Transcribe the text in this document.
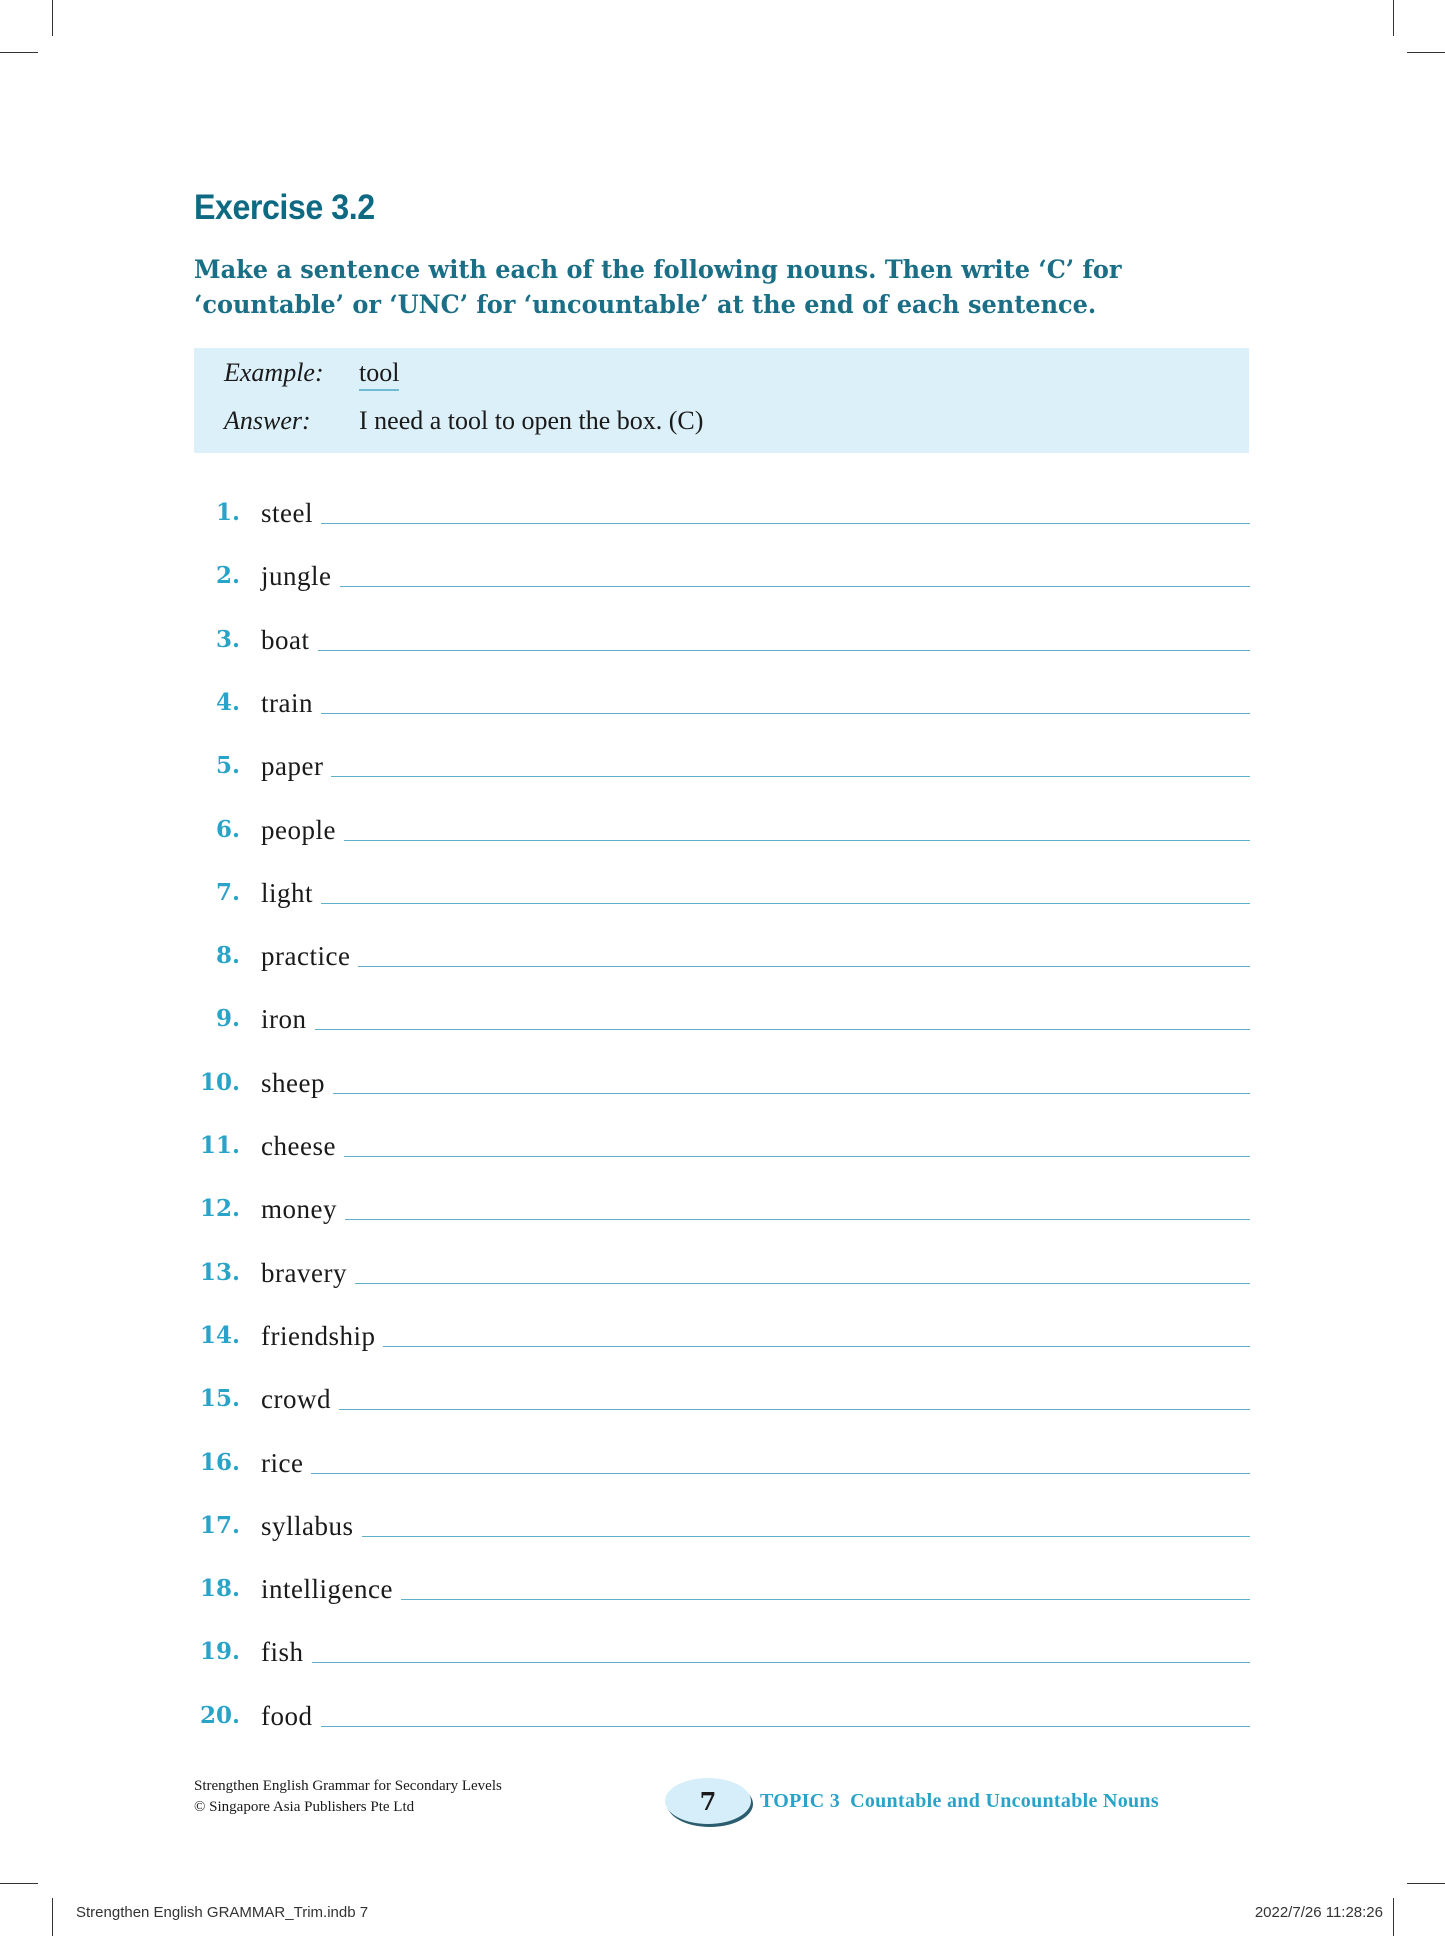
Exercise 3.2
Make a sentence with each of the following nouns. Then write ‘C’ for ‘countable’ or ‘UNC’ for ‘uncountable’ at the end of each sentence.
Example: tool
Answer: I need a tool to open the box. (C)
1. steel
2. jungle
3. boat
4. train
5. paper
6. people
7. light
8. practice
9. iron
10. sheep
11. cheese
12. money
13. bravery
14. friendship
15. crowd
16. rice
17. syllabus
18. intelligence
19. fish
20. food
Strengthen English Grammar for Secondary Levels
© Singapore Asia Publishers Pte Ltd	7 TOPIC 3 Countable and Uncountable Nouns
Strengthen English GRAMMAR_Trim.indb 7	2022/7/26 11:28:26
